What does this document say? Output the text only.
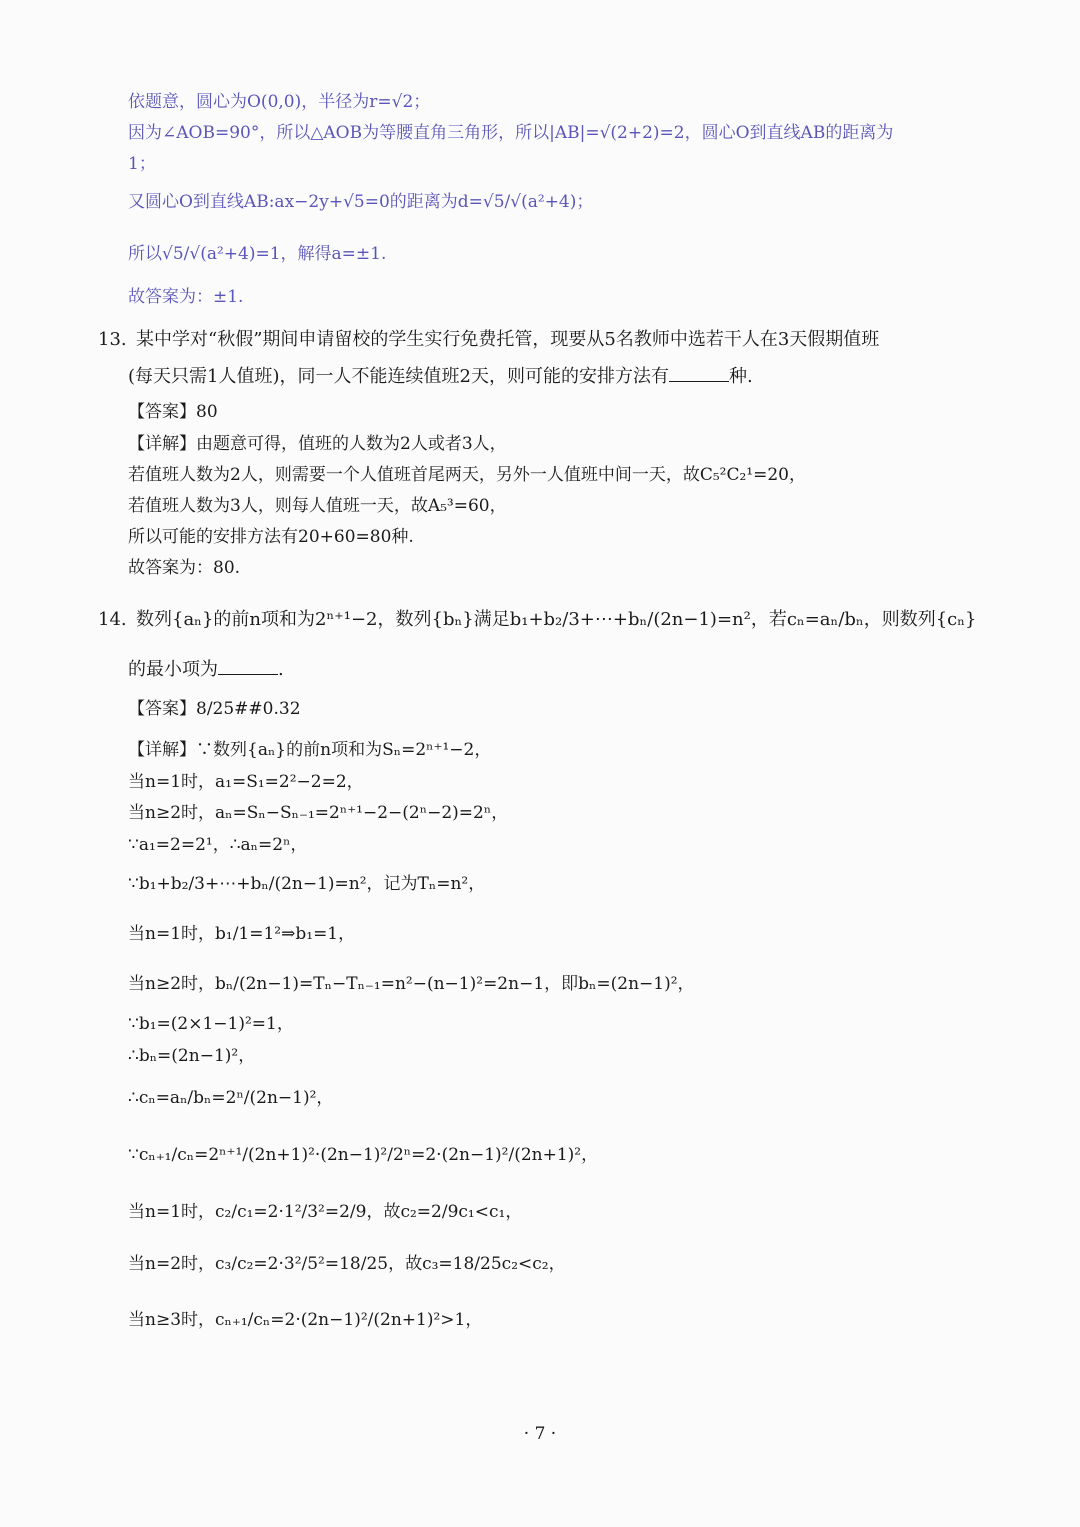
依题意，圆心为O(0,0)，半径为r=√2；
因为∠AOB=90°，所以△AOB为等腰直角三角形，所以|AB|=√(2+2)=2，圆心O到直线AB的距离为
1；
又圆心O到直线AB:ax−2y+√5=0的距离为d=√5/√(a²+4)；
所以√5/√(a²+4)=1，解得a=±1.
故答案为：±1.
13. 某中学对“秋假”期间申请留校的学生实行免费托管，现要从5名教师中选若干人在3天假期值班
(每天只需1人值班)，同一人不能连续值班2天，则可能的安排方法有	种.
【答案】80
【详解】由题意可得，值班的人数为2人或者3人，
若值班人数为2人，则需要一个人值班首尾两天，另外一人值班中间一天，故C₅²C₂¹=20，
若值班人数为3人，则每人值班一天，故A₅³=60，
所以可能的安排方法有20+60=80种.
故答案为：80.
14. 数列{aₙ}的前n项和为2ⁿ⁺¹−2，数列{bₙ}满足b₁+b₂/3+⋯+bₙ/(2n−1)=n²，若cₙ=aₙ/bₙ，则数列{cₙ}
的最小项为	.
【答案】8/25##0.32
【详解】∵数列{aₙ}的前n项和为Sₙ=2ⁿ⁺¹−2，
当n=1时，a₁=S₁=2²−2=2，
当n≥2时，aₙ=Sₙ−Sₙ₋₁=2ⁿ⁺¹−2−(2ⁿ−2)=2ⁿ，
∵a₁=2=2¹，∴aₙ=2ⁿ，
∵b₁+b₂/3+⋯+bₙ/(2n−1)=n²，记为Tₙ=n²，
当n=1时，b₁/1=1²⇒b₁=1，
当n≥2时，bₙ/(2n−1)=Tₙ−Tₙ₋₁=n²−(n−1)²=2n−1，即bₙ=(2n−1)²，
∵b₁=(2×1−1)²=1，
∴bₙ=(2n−1)²，
∴cₙ=aₙ/bₙ=2ⁿ/(2n−1)²，
∵cₙ₊₁/cₙ=2ⁿ⁺¹/(2n+1)²·(2n−1)²/2ⁿ=2·(2n−1)²/(2n+1)²，
当n=1时，c₂/c₁=2·1²/3²=2/9，故c₂=2/9c₁<c₁，
当n=2时，c₃/c₂=2·3²/5²=18/25，故c₃=18/25c₂<c₂，
当n≥3时，cₙ₊₁/cₙ=2·(2n−1)²/(2n+1)²>1，
· 7 ·
